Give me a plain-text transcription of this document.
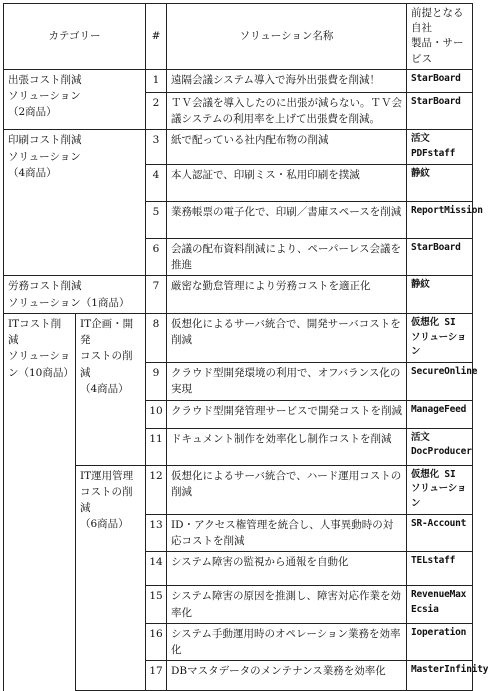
カテゴリー		#	ソリューション名称	前提となる自社
製品・サービス

出張コスト削減
ソリューション
（2商品）		1	遠隔会議システム導入で海外出張費を削減！	StarBoard

		2	ＴＶ会議を導入したのに出張が減らない。ＴＶ会議システムの利用率を上げて出張費を削減。	StarBoard

印刷コスト削減
ソリューション
（4商品）		3	紙で配っている社内配布物の削減	活文 PDFstaff

		4	本人認証で、印刷ミス・私用印刷を撲滅	静紋

		5	業務帳票の電子化で、印刷／書庫スペースを削減	ReportMission

		6	会議の配布資料削減により、ペーパーレス会議を推進	StarBoard

労務コスト削減
ソリューション（1商品）		7	厳密な勤怠管理により労務コストを適正化	静紋

ITコスト削減
ソリューション（10商品）	IT企画・開発
コストの削減
（4商品）	8	仮想化によるサーバ統合で、開発サーバコストを削減	仮想化 SI
ソリューション

		9	クラウド型開発環境の利用で、オフバランス化の実現	SecureOnline

		10	クラウド型開発管理サービスで開発コストを削減	ManageFeed

		11	ドキュメント制作を効率化し制作コストを削減	活文
DocProducer

	IT運用管理
コストの削減
（6商品）	12	仮想化によるサーバ統合で、ハード運用コストの削減	仮想化 SI
ソリューション

		13	ID・アクセス権管理を統合し、人事異動時の対応コストを削減	SR-Account

		14	システム障害の監視から通報を自動化	TELstaff

		15	システム障害の原因を推測し、障害対応作業を効率化	RevenueMax
Ecsia

		16	システム手動運用時のオペレーション業務を効率化	Ioperation

		17	DBマスタデータのメンテナンス業務を効率化	MasterInfinity
